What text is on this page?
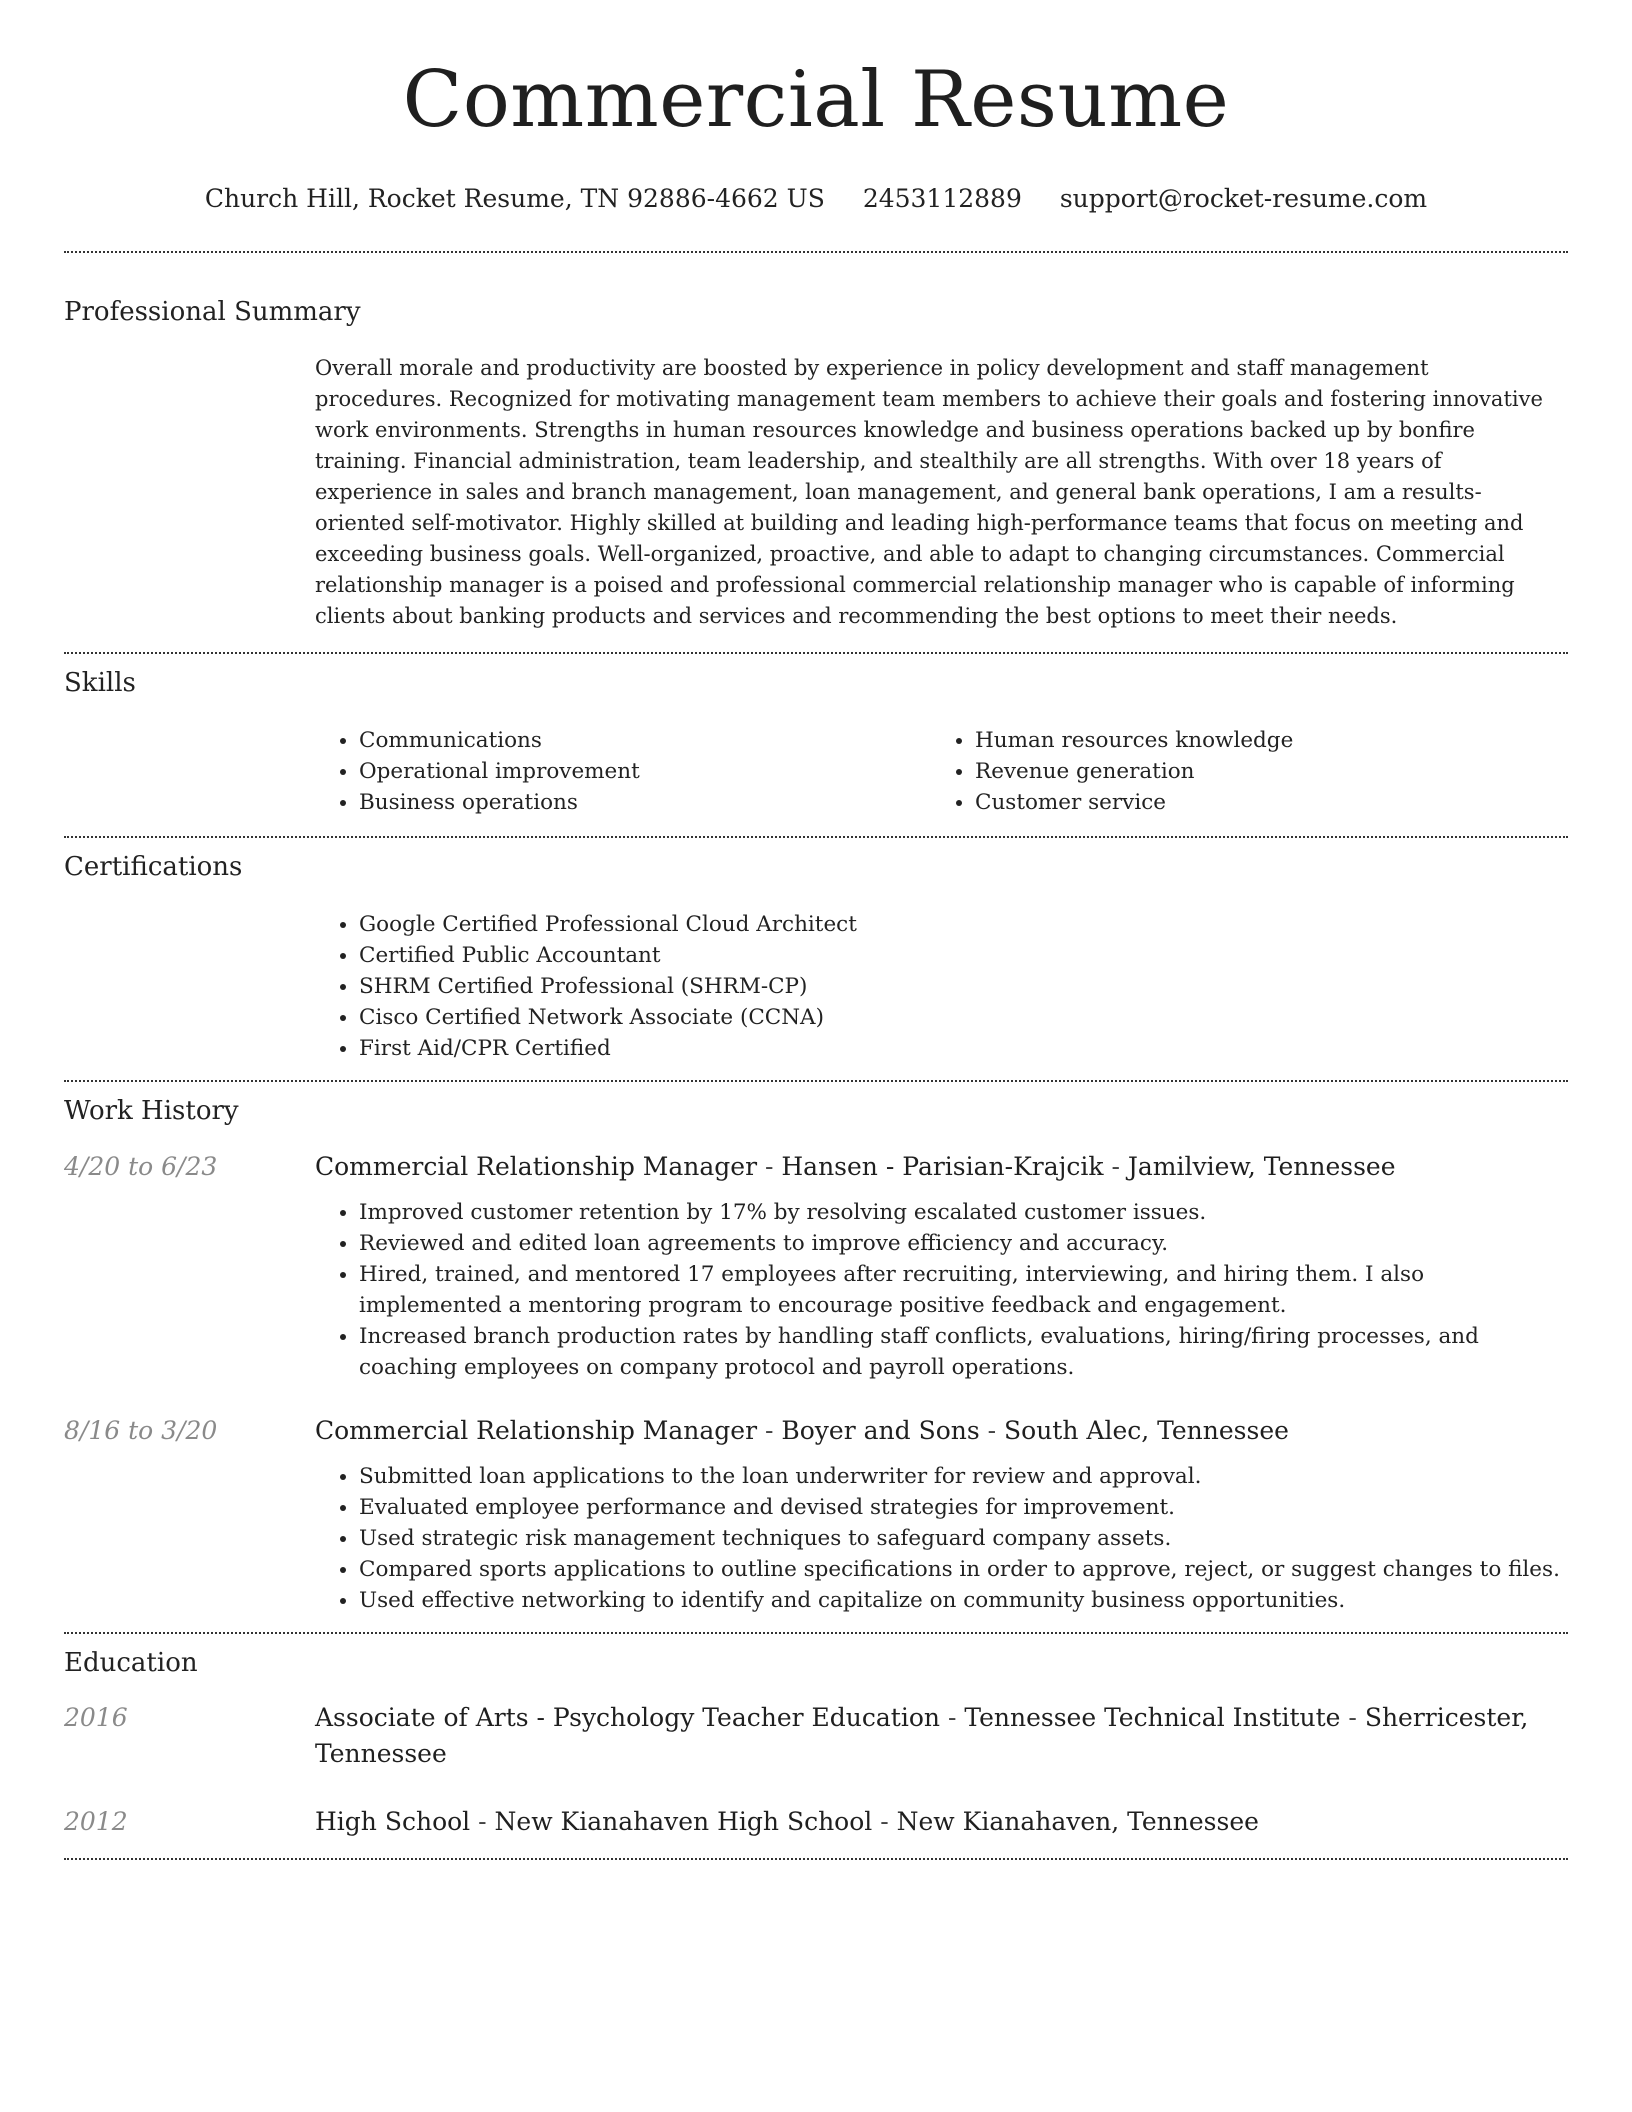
Commercial Resume
Church Hill, Rocket Resume, TN 92886-4662 US 2453112889 support@rocket-resume.com
Professional Summary
Overall morale and productivity are boosted by experience in policy development and staff management procedures. Recognized for motivating management team members to achieve their goals and fostering innovative work environments. Strengths in human resources knowledge and business operations backed up by bonfire training. Financial administration, team leadership, and stealthily are all strengths. With over 18 years of experience in sales and branch management, loan management, and general bank operations, I am a results-oriented self-motivator. Highly skilled at building and leading high-performance teams that focus on meeting and exceeding business goals. Well-organized, proactive, and able to adapt to changing circumstances. Commercial relationship manager is a poised and professional commercial relationship manager who is capable of informing clients about banking products and services and recommending the best options to meet their needs.
Skills
• Communications
• Operational improvement
• Business operations
• Human resources knowledge
• Revenue generation
• Customer service
Certifications
• Google Certified Professional Cloud Architect
• Certified Public Accountant
• SHRM Certified Professional (SHRM-CP)
• Cisco Certified Network Associate (CCNA)
• First Aid/CPR Certified
Work History
4/20 to 6/23	Commercial Relationship Manager - Hansen - Parisian-Krajcik - Jamilview, Tennessee
• Improved customer retention by 17% by resolving escalated customer issues.
• Reviewed and edited loan agreements to improve efficiency and accuracy.
• Hired, trained, and mentored 17 employees after recruiting, interviewing, and hiring them. I also implemented a mentoring program to encourage positive feedback and engagement.
• Increased branch production rates by handling staff conflicts, evaluations, hiring/firing processes, and coaching employees on company protocol and payroll operations.
8/16 to 3/20	Commercial Relationship Manager - Boyer and Sons - South Alec, Tennessee
• Submitted loan applications to the loan underwriter for review and approval.
• Evaluated employee performance and devised strategies for improvement.
• Used strategic risk management techniques to safeguard company assets.
• Compared sports applications to outline specifications in order to approve, reject, or suggest changes to files.
• Used effective networking to identify and capitalize on community business opportunities.
Education
2016	Associate of Arts - Psychology Teacher Education - Tennessee Technical Institute - Sherricester, Tennessee
2012	High School - New Kianahaven High School - New Kianahaven, Tennessee
